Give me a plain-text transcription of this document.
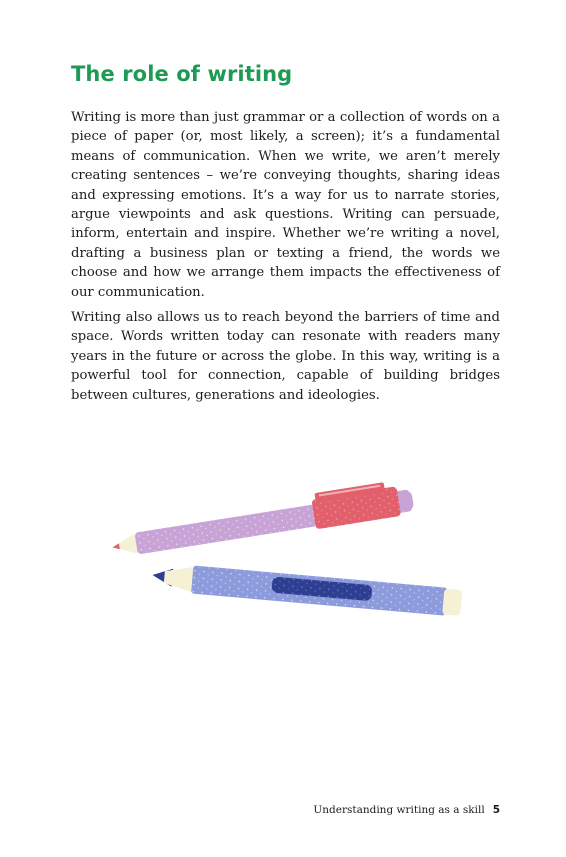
The role of writing

Writing is more than just grammar or a collection of words on a piece of paper (or, most likely, a screen); it’s a fundamental means of communication. When we write, we aren’t merely creating sentences – we’re conveying thoughts, sharing ideas and expressing emotions. It’s a way for us to narrate stories, argue viewpoints and ask questions. Writing can persuade, inform, entertain and inspire. Whether we’re writing a novel, drafting a business plan or texting a friend, the words we choose and how we arrange them impacts the effectiveness of our communication.

Writing also allows us to reach beyond the barriers of time and space. Words written today can resonate with readers many years in the future or across the globe. In this way, writing is a powerful tool for connection, capable of building bridges between cultures, generations and ideologies.

Understanding writing as a skill 5
